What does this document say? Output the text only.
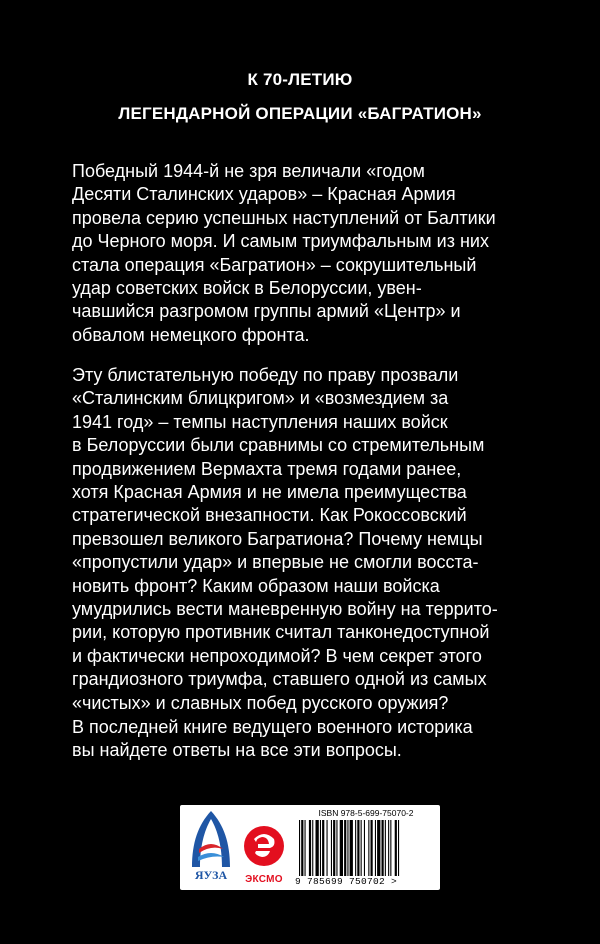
К 70-ЛЕТИЮ
ЛЕГЕНДАРНОЙ ОПЕРАЦИИ «БАГРАТИОН»
Победный 1944-й не зря величали «годом
Десяти Сталинских ударов» – Красная Армия
провела серию успешных наступлений от Балтики
до Черного моря. И самым триумфальным из них
стала операция «Багратион» – сокрушительный
удар советских войск в Белоруссии, увен-
чавшийся разгромом группы армий «Центр» и
обвалом немецкого фронта.
Эту блистательную победу по праву прозвали
«Сталинским блицкригом» и «возмездием за
1941 год» – темпы наступления наших войск
в Белоруссии были сравнимы со стремительным
продвижением Вермахта тремя годами ранее,
хотя Красная Армия и не имела преимущества
стратегической внезапности. Как Рокоссовский
превзошел великого Багратиона? Почему немцы
«пропустили удар» и впервые не смогли восста-
новить фронт? Каким образом наши войска
умудрились вести маневренную войну на террито-
рии, которую противник считал танконедоступной
и фактически непроходимой? В чем секрет этого
грандиозного триумфа, ставшего одной из самых
«чистых» и славных побед русского оружия?
В последней книге ведущего военного историка
вы найдете ответы на все эти вопросы.
ЯУЗА	ЭКСМО
ISBN 978-5-699-75070-2
9 785699 750702 >
